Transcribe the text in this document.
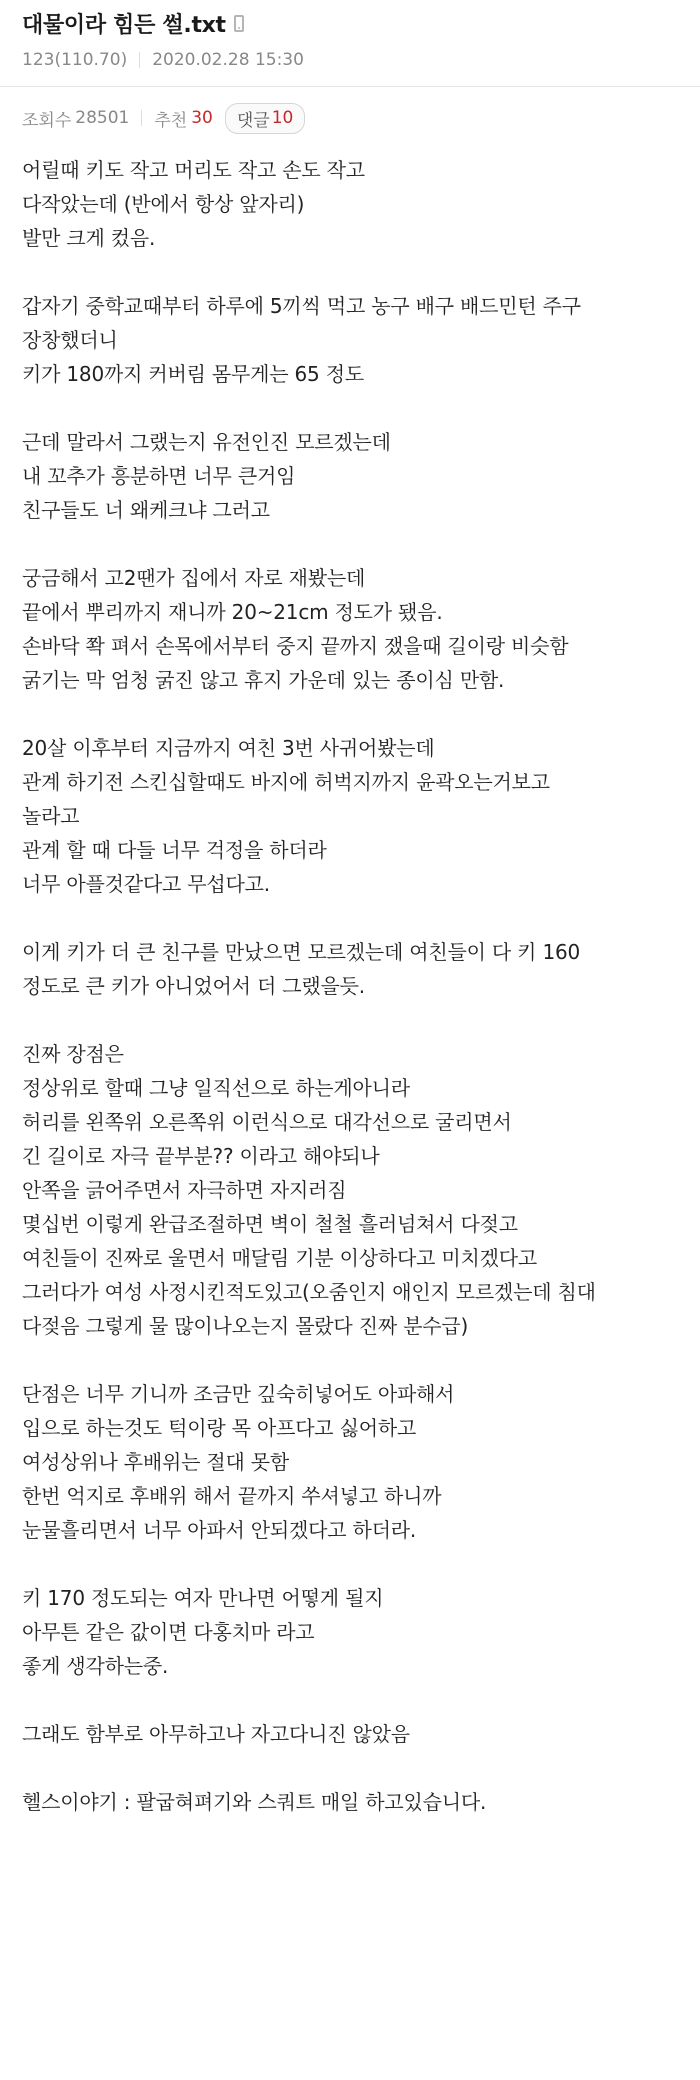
대물이라 힘든 썰.txt
123(110.70) 2020.02.28 15:30
조회수 28501 추천 30 댓글 10
어릴때 키도 작고 머리도 작고 손도 작고
다작았는데 (반에서 항상 앞자리)
발만 크게 컸음.
갑자기 중학교때부터 하루에 5끼씩 먹고 농구 배구 배드민턴 주구
장창했더니
키가 180까지 커버림 몸무게는 65 정도
근데 말라서 그랬는지 유전인진 모르겠는데
내 꼬추가 흥분하면 너무 큰거임
친구들도 너 왜케크냐 그러고
궁금해서 고2땐가 집에서 자로 재봤는데
끝에서 뿌리까지 재니까 20~21cm 정도가 됐음.
손바닥 쫙 펴서 손목에서부터 중지 끝까지 쟀을때 길이랑 비슷함
굵기는 막 엄청 굵진 않고 휴지 가운데 있는 종이심 만함.
20살 이후부터 지금까지 여친 3번 사귀어봤는데
관계 하기전 스킨십할때도 바지에 허벅지까지 윤곽오는거보고
놀라고
관계 할 때 다들 너무 걱정을 하더라
너무 아플것같다고 무섭다고.
이게 키가 더 큰 친구를 만났으면 모르겠는데 여친들이 다 키 160
정도로 큰 키가 아니었어서 더 그랬을듯.
진짜 장점은
정상위로 할때 그냥 일직선으로 하는게아니라
허리를 왼쪽위 오른쪽위 이런식으로 대각선으로 굴리면서
긴 길이로 자극 끝부분?? 이라고 해야되나
안쪽을 긁어주면서 자극하면 자지러짐
몇십번 이렇게 완급조절하면 벽이 철철 흘러넘쳐서 다젖고
여친들이 진짜로 울면서 매달림 기분 이상하다고 미치겠다고
그러다가 여성 사정시킨적도있고(오줌인지 애인지 모르겠는데 침대
다젖음 그렇게 물 많이나오는지 몰랐다 진짜 분수급)
단점은 너무 기니까 조금만 깊숙히넣어도 아파해서
입으로 하는것도 턱이랑 목 아프다고 싫어하고
여성상위나 후배위는 절대 못함
한번 억지로 후배위 해서 끝까지 쑤셔넣고 하니까
눈물흘리면서 너무 아파서 안되겠다고 하더라.
키 170 정도되는 여자 만나면 어떻게 될지
아무튼 같은 값이면 다홍치마 라고
좋게 생각하는중.
그래도 함부로 아무하고나 자고다니진 않았음
헬스이야기 : 팔굽혀펴기와 스쿼트 매일 하고있습니다.
